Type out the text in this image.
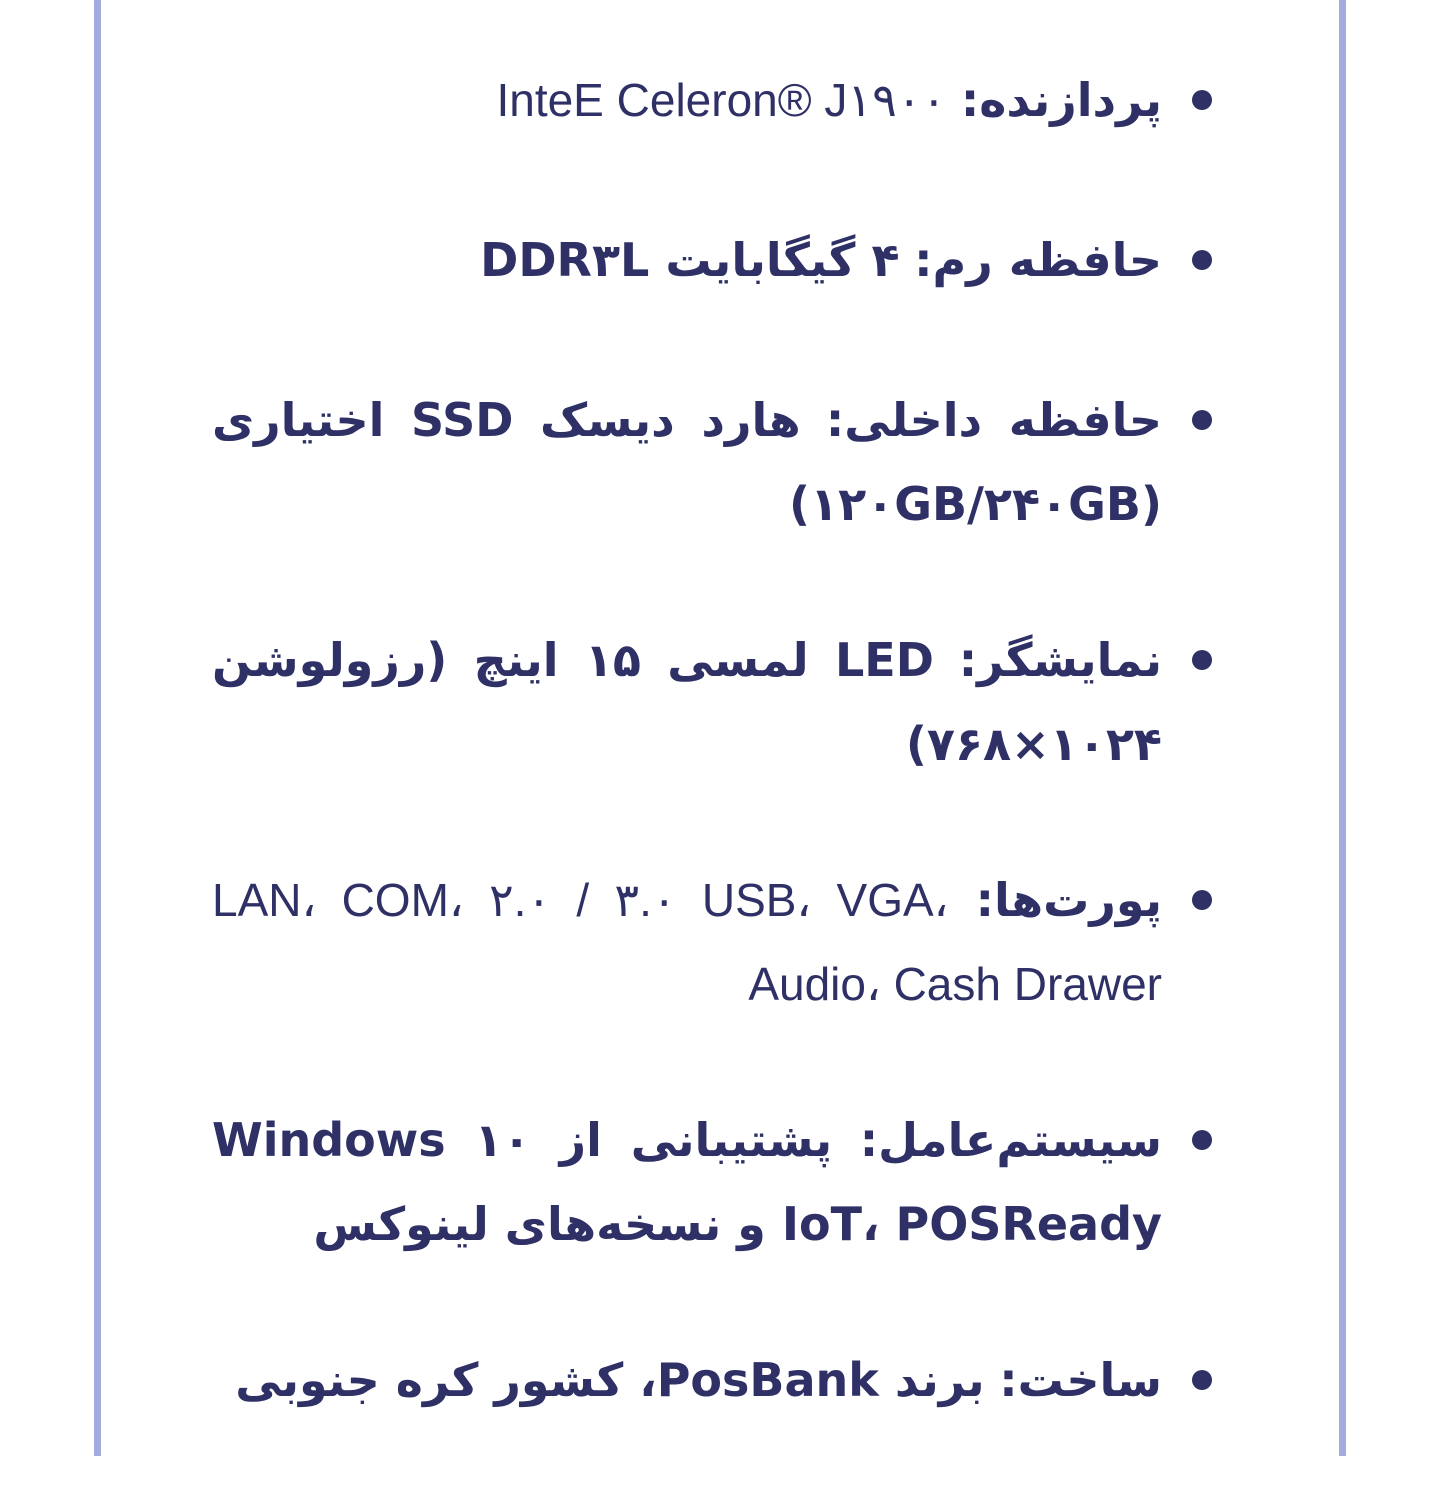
پردازنده: InteE Celeron® J۱۹۰۰
حافظه رم: ۴ گیگابایت DDR۳L
حافظه داخلی: هارد دیسک SSD اختیاری (۱۲۰GB/۲۴۰GB)
نمایشگر: LED لمسی ۱۵ اینچ (رزولوشن ۱۰۲۴×۷۶۸)
پورت‌ها: LAN، COM، ۲.۰ / ۳.۰ USB، VGA، Audio، Cash Drawer
سیستم‌عامل: پشتیبانی از Windows ۱۰ IoT، POSReady و نسخه‌های لینوکس
ساخت: برند PosBank، کشور کره جنوبی
